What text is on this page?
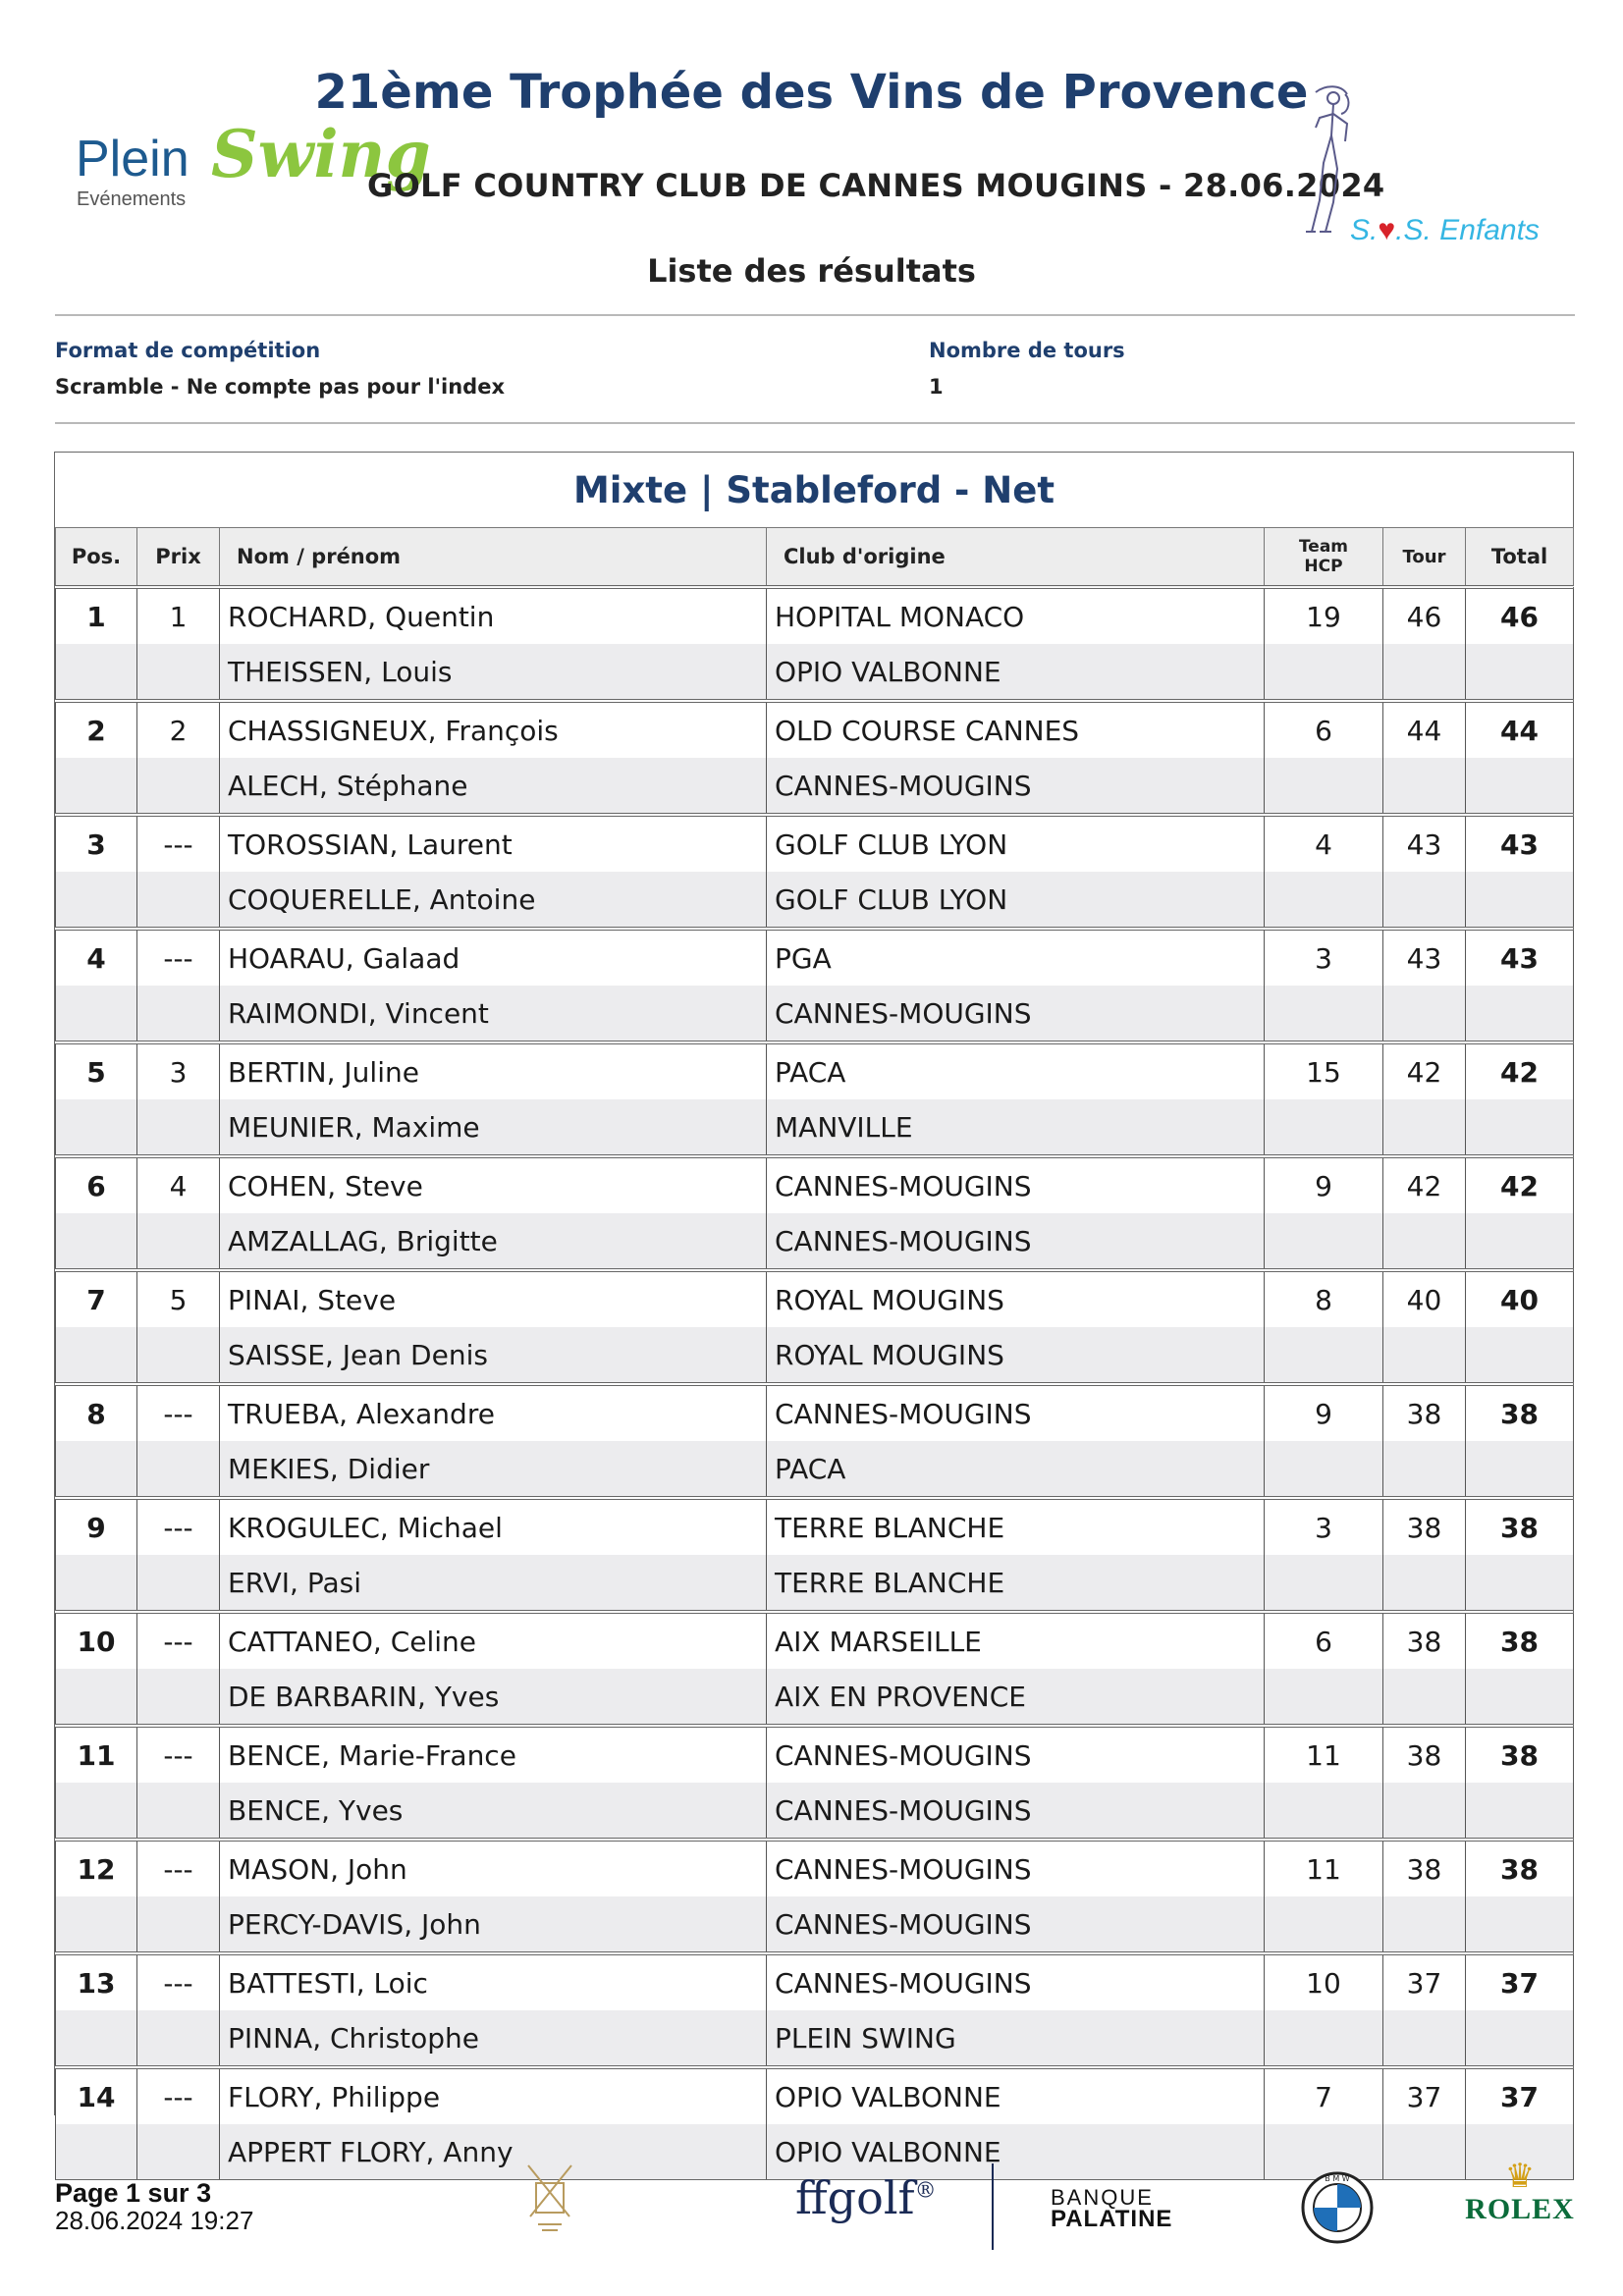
Plein Swing
Evénements
21ème Trophée des Vins de Provence
GOLF COUNTRY CLUB DE CANNES MOUGINS - 28.06.2024
S.♥.S. Enfants
Liste des résultats
Format de compétition
Scramble - Ne compte pas pour l'index
Nombre de tours
1
Mixte | Stableford - Net
Pos.	Prix	Nom / prénom	Club d'origine	Team
HCP	Tour	Total
1	1	ROCHARD, Quentin	HOPITAL MONACO	19	46	46
		THEISSEN, Louis	OPIO VALBONNE			
2	2	CHASSIGNEUX, François	OLD COURSE CANNES	6	44	44
		ALECH, Stéphane	CANNES-MOUGINS			
3	---	TOROSSIAN, Laurent	GOLF CLUB LYON	4	43	43
		COQUERELLE, Antoine	GOLF CLUB LYON			
4	---	HOARAU, Galaad	PGA	3	43	43
		RAIMONDI, Vincent	CANNES-MOUGINS			
5	3	BERTIN, Juline	PACA	15	42	42
		MEUNIER, Maxime	MANVILLE			
6	4	COHEN, Steve	CANNES-MOUGINS	9	42	42
		AMZALLAG, Brigitte	CANNES-MOUGINS			
7	5	PINAI, Steve	ROYAL MOUGINS	8	40	40
		SAISSE, Jean Denis	ROYAL MOUGINS			
8	---	TRUEBA, Alexandre	CANNES-MOUGINS	9	38	38
		MEKIES, Didier	PACA			
9	---	KROGULEC, Michael	TERRE BLANCHE	3	38	38
		ERVI, Pasi	TERRE BLANCHE			
10	---	CATTANEO, Celine	AIX MARSEILLE	6	38	38
		DE BARBARIN, Yves	AIX EN PROVENCE			
11	---	BENCE, Marie-France	CANNES-MOUGINS	11	38	38
		BENCE, Yves	CANNES-MOUGINS			
12	---	MASON, John	CANNES-MOUGINS	11	38	38
		PERCY-DAVIS, John	CANNES-MOUGINS			
13	---	BATTESTI, Loic	CANNES-MOUGINS	10	37	37
		PINNA, Christophe	PLEIN SWING			
14	---	FLORY, Philippe	OPIO VALBONNE	7	37	37
		APPERT FLORY, Anny	OPIO VALBONNE			
Page 1 sur 3
28.06.2024 19:27	ffgolf®	BANQUE
PALATINE
B M W	♛
ROLEX
